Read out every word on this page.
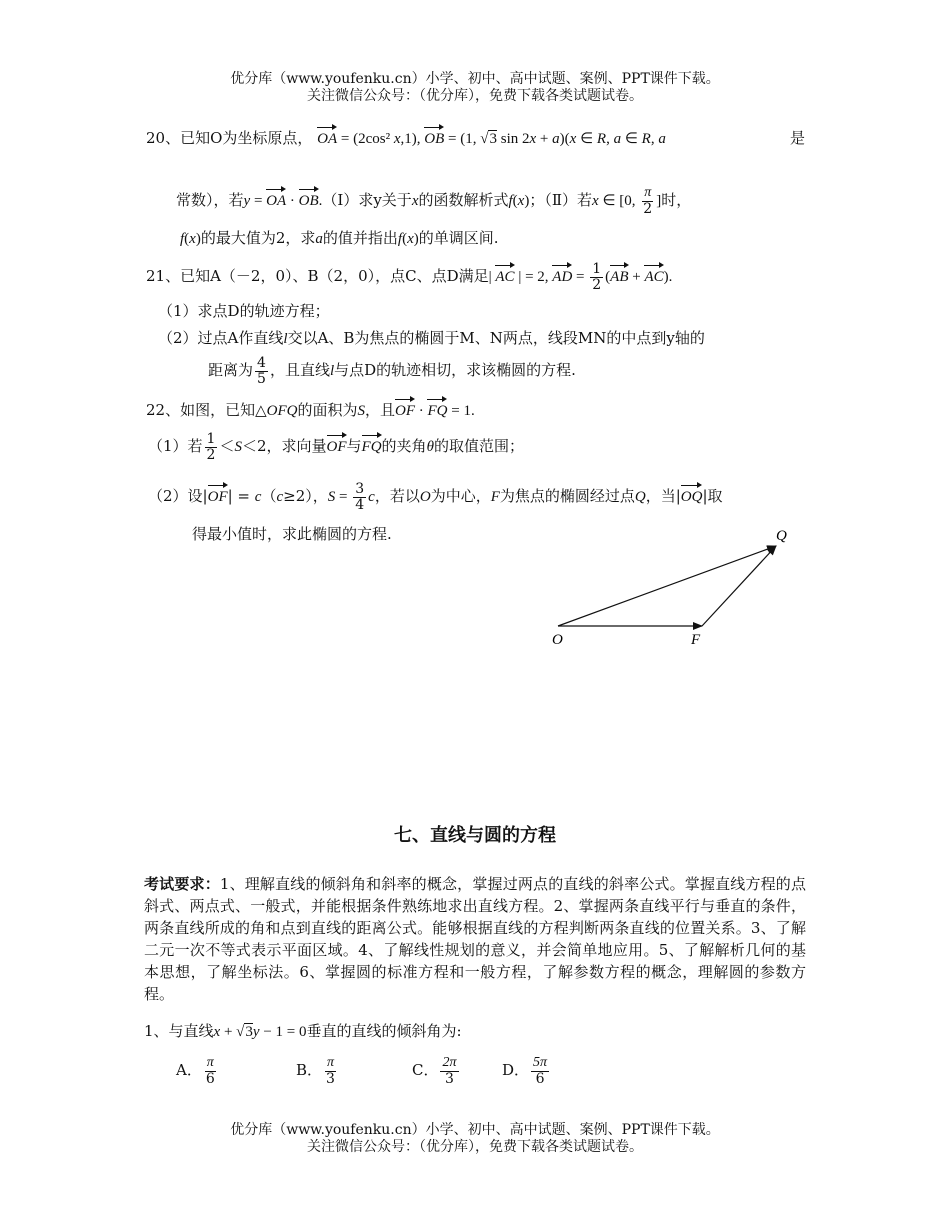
优分库（www.youfenku.cn）小学、初中、高中试题、案例、PPT课件下载。
关注微信公众号：（优分库），免费下载各类试题试卷。
20、已知O为坐标原点， OA = (2cos² x,1), OB = (1, √3 sin 2x + a)(x ∈ R, a ∈ R, a	是
常数），若y = OA · OB.（Ⅰ）求y关于x的函数解析式f(x)；（Ⅱ）若x ∈ [0, $\frac{\pi}{2}$ ]时，
f(x)的最大值为2，求a的值并指出f(x)的单调区间.
21、已知A（－2，0）、B（2，0），点C、点D满足| AC | = 2, AD = $\frac{1}{2} (AB + AC)$.
（1）求点D的轨迹方程；
（2）过点A作直线l交以A、B为焦点的椭圆于M、N两点，线段MN的中点到y轴的
距离为 $\frac{4}{5}$ ，且直线l与点D的轨迹相切，求该椭圆的方程.
22、如图，已知△OFQ的面积为S，且OF · FQ = 1.
（1）若 $\frac{1}{2} <S<2$，求向量OF与FQ的夹角θ的取值范围；
（2）设|OF| = c（c≥2），$S = \frac{3}{4}$ c，若以O为中心，F为焦点的椭圆经过点Q，当|OQ|取
得最小值时，求此椭圆的方程.
O	F
Q
七、直线与圆的方程
考试要求：1、理解直线的倾斜角和斜率的概念，掌握过两点的直线的斜率公式。掌握直线方程的点斜式、两点式、一般式，并能根据条件熟练地求出直线方程。2、掌握两条直线平行与垂直的条件，两条直线所成的角和点到直线的距离公式。能够根据直线的方程判断两条直线的位置关系。3、了解二元一次不等式表示平面区域。4、了解线性规划的意义，并会简单地应用。5、了解解析几何的基本思想，了解坐标法。6、掌握圆的标准方程和一般方程，了解参数方程的概念，理解圆的参数方程。
1、与直线x + √3y − 1 = 0垂直的直线的倾斜角为:
A． $\frac{\pi}{6}$	B． $\frac{\pi}{3}$	C． $\frac{2\pi}{3}$	D． $\frac{5\pi}{6}$
优分库（www.youfenku.cn）小学、初中、高中试题、案例、PPT课件下载。
关注微信公众号：（优分库），免费下载各类试题试卷。
